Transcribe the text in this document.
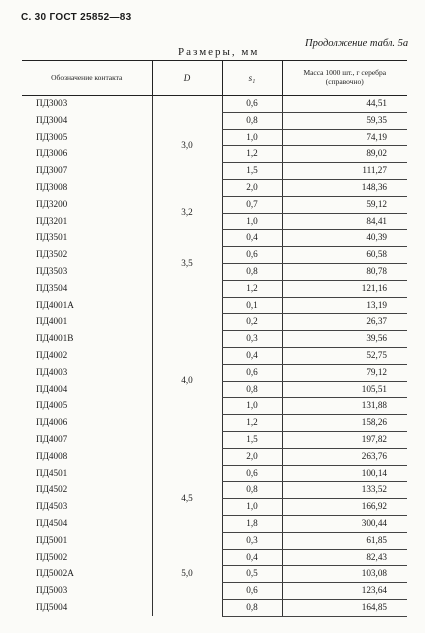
С. 30 ГОСТ 25852—83
Размеры, мм
Продолжение табл. 5а
Обозначение контакта	D	s₁	Масса 1000 шт., г серебра (справочно)
ПД3003	3,0	0,6	44,51
ПД3004		0,8	59,35
ПД3005		1,0	74,19
ПД3006		1,2	89,02
ПД3007		1,5	111,27
ПД3008		2,0	148,36
ПД3200	3,2	0,7	59,12
ПД3201		1,0	84,41
ПД3501	3,5	0,4	40,39
ПД3502		0,6	60,58
ПД3503		0,8	80,78
ПД3504		1,2	121,16
ПД4001А	4,0	0,1	13,19
ПД4001		0,2	26,37
ПД4001В		0,3	39,56
ПД4002		0,4	52,75
ПД4003		0,6	79,12
ПД4004		0,8	105,51
ПД4005		1,0	131,88
ПД4006		1,2	158,26
ПД4007		1,5	197,82
ПД4008		2,0	263,76
ПД4501	4,5	0,6	100,14
ПД4502		0,8	133,52
ПД4503		1,0	166,92
ПД4504		1,8	300,44
ПД5001	5,0	0,3	61,85
ПД5002		0,4	82,43
ПД5002А		0,5	103,08
ПД5003		0,6	123,64
ПД5004		0,8	164,85
